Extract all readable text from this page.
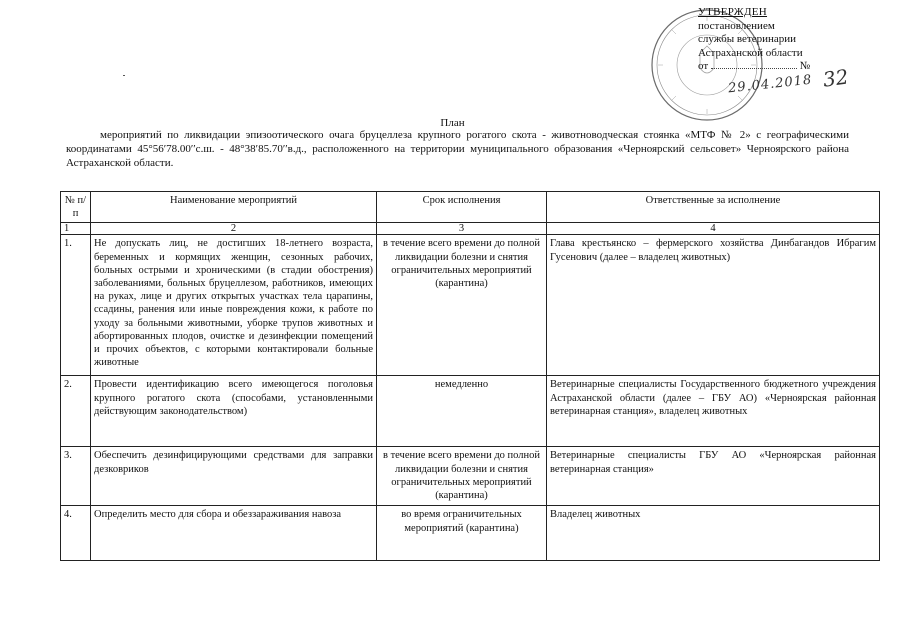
УТВЕРЖДЕН
постановлением
службы ветеринарии
Астраханской области
от	№
29.04.2018 32
План
мероприятий по ликвидации эпизоотического очага бруцеллеза крупного рогатого скота - животноводческая стоянка «МТФ № 2» с географическими координатами 45°56′78.00′′с.ш. - 48°38′85.70′′в.д., расположенного на территории муниципального образования «Черноярский сельсовет» Черноярского района Астраханской области.
№ п/п	Наименование мероприятий	Срок исполнения	Ответственные за исполнение
1	2	3	4
1.	Не допускать лиц, не достигших 18-летнего возраста, беременных и кормящих женщин, сезонных рабочих, больных острыми и хроническими (в стадии обострения) заболеваниями, больных бруцеллезом, работников, имеющих на руках, лице и других открытых участках тела царапины, ссадины, ранения или иные повреждения кожи, к работе по уходу за больными животными, уборке трупов животных и абортированных плодов, очистке и дезинфекции помещений и прочих объектов, с которыми контактировали больные животные	в течение всего времени до полной ликвидации болезни и снятия ограничительных мероприятий (карантина)	Глава крестьянско – фермерского хозяйства Динбагандов Ибрагим Гусенович (далее – владелец животных)
2.	Провести идентификацию всего имеющегося поголовья крупного рогатого скота (способами, установленными действующим законодательством)	немедленно	Ветеринарные специалисты Государственного бюджетного учреждения Астраханской области (далее – ГБУ АО) «Черноярская районная ветеринарная станция», владелец животных
3.	Обеспечить дезинфицирующими средствами для заправки дезковриков	в течение всего времени до полной ликвидации болезни и снятия ограничительных мероприятий (карантина)	Ветеринарные специалисты ГБУ АО «Черноярская районная ветеринарная станция»
4.	Определить место для сбора и обеззараживания навоза	во время ограничительных мероприятий (карантина)	Владелец животных
